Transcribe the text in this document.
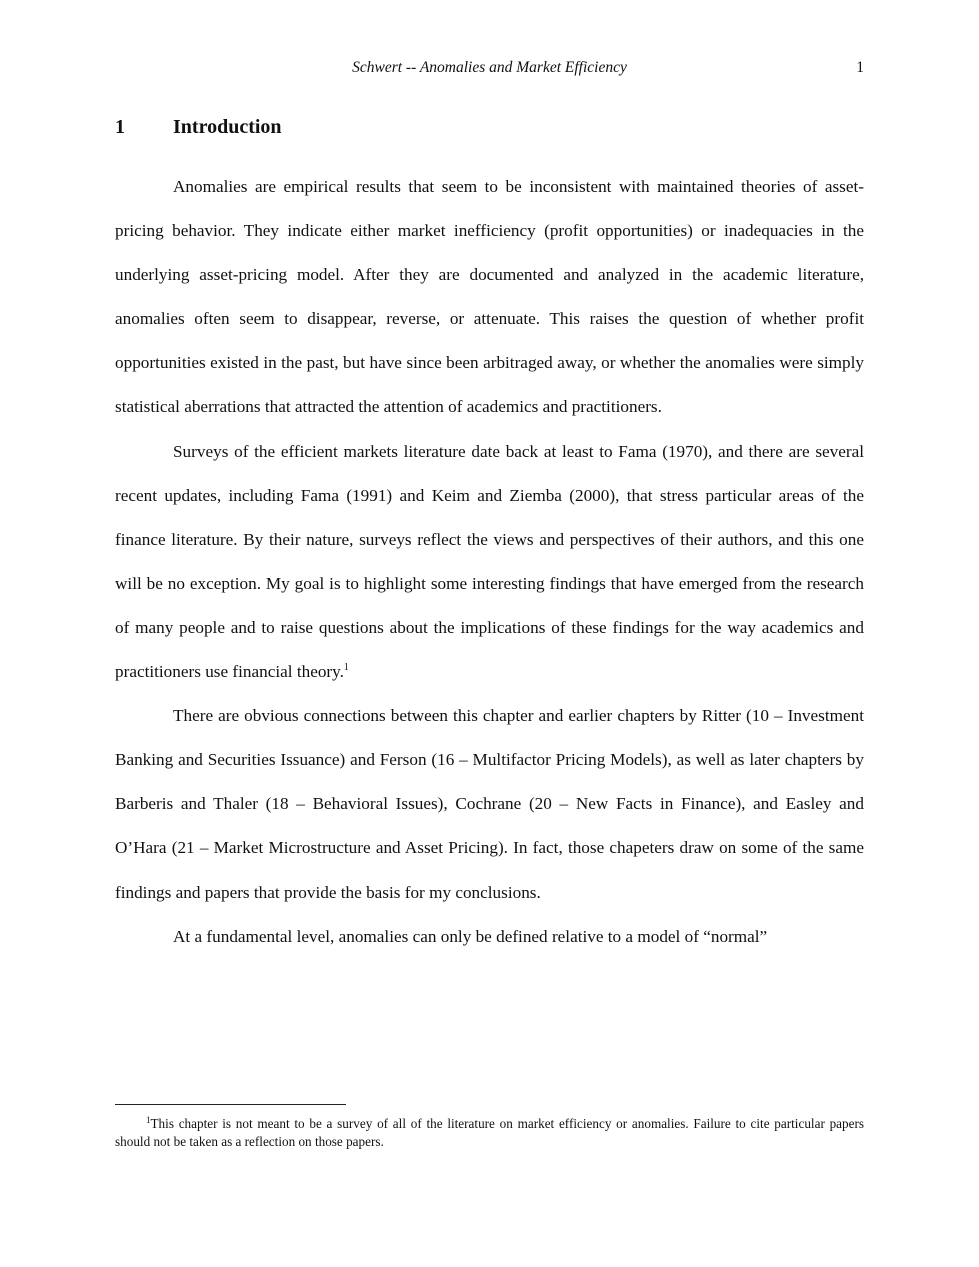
Schwert -- Anomalies and Market Efficiency	1
1 Introduction

Anomalies are empirical results that seem to be inconsistent with maintained theories of asset-pricing behavior. They indicate either market inefficiency (profit opportunities) or inadequacies in the underlying asset-pricing model. After they are documented and analyzed in the academic literature, anomalies often seem to disappear, reverse, or attenuate. This raises the question of whether profit opportunities existed in the past, but have since been arbitraged away, or whether the anomalies were simply statistical aberrations that attracted the attention of academics and practitioners.

Surveys of the efficient markets literature date back at least to Fama (1970), and there are several recent updates, including Fama (1991) and Keim and Ziemba (2000), that stress particular areas of the finance literature. By their nature, surveys reflect the views and perspectives of their authors, and this one will be no exception. My goal is to highlight some interesting findings that have emerged from the research of many people and to raise questions about the implications of these findings for the way academics and practitioners use financial theory.$^1$

There are obvious connections between this chapter and earlier chapters by Ritter (10 – Investment Banking and Securities Issuance) and Ferson (16 – Multifactor Pricing Models), as well as later chapters by Barberis and Thaler (18 – Behavioral Issues), Cochrane (20 – New Facts in Finance), and Easley and O’Hara (21 – Market Microstructure and Asset Pricing). In fact, those chapeters draw on some of the same findings and papers that provide the basis for my conclusions.

At a fundamental level, anomalies can only be defined relative to a model of “normal”

$^1$This chapter is not meant to be a survey of all of the literature on market efficiency or anomalies. Failure to cite particular papers should not be taken as a reflection on those papers.
